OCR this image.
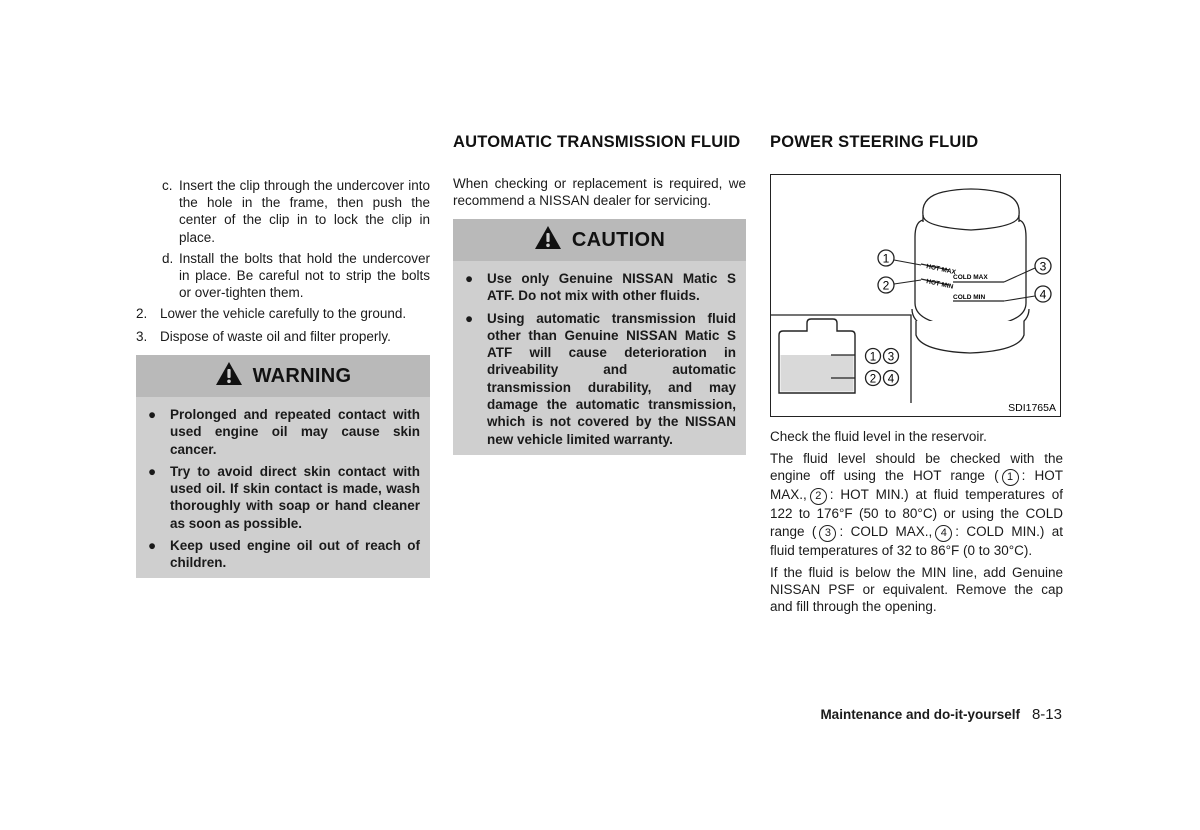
c. Insert the clip through the undercover into the hole in the frame, then push the center of the clip in to lock the clip in place.
d. Install the bolts that hold the undercover in place. Be careful not to strip the bolts or over-tighten them.
2. Lower the vehicle carefully to the ground.
3. Dispose of waste oil and filter properly.
WARNING
● Prolonged and repeated contact with used engine oil may cause skin cancer.
● Try to avoid direct skin contact with used oil. If skin contact is made, wash thoroughly with soap or hand cleaner as soon as possible.
● Keep used engine oil out of reach of children.
AUTOMATIC TRANSMISSION FLUID
When checking or replacement is required, we recommend a NISSAN dealer for servicing.
CAUTION
● Use only Genuine NISSAN Matic S ATF. Do not mix with other fluids.
● Using automatic transmission fluid other than Genuine NISSAN Matic S ATF will cause deterioration in driveability and automatic transmission durability, and may damage the automatic transmission, which is not covered by the NISSAN new vehicle limited warranty.
POWER STEERING FLUID
HOT MAX
COLD MAX
HOT MIN
COLD MIN
1
2
3
4
1 3
2 4
SDI1765A
Check the fluid level in the reservoir.
The fluid level should be checked with the engine off using the HOT range ( 1 : HOT MAX., 2 : HOT MIN.) at fluid temperatures of 122 to 176°F (50 to 80°C) or using the COLD range ( 3 : COLD MAX., 4 : COLD MIN.) at fluid temperatures of 32 to 86°F (0 to 30°C).
If the fluid is below the MIN line, add Genuine NISSAN PSF or equivalent. Remove the cap and fill through the opening.
Maintenance and do-it-yourself 8-13
